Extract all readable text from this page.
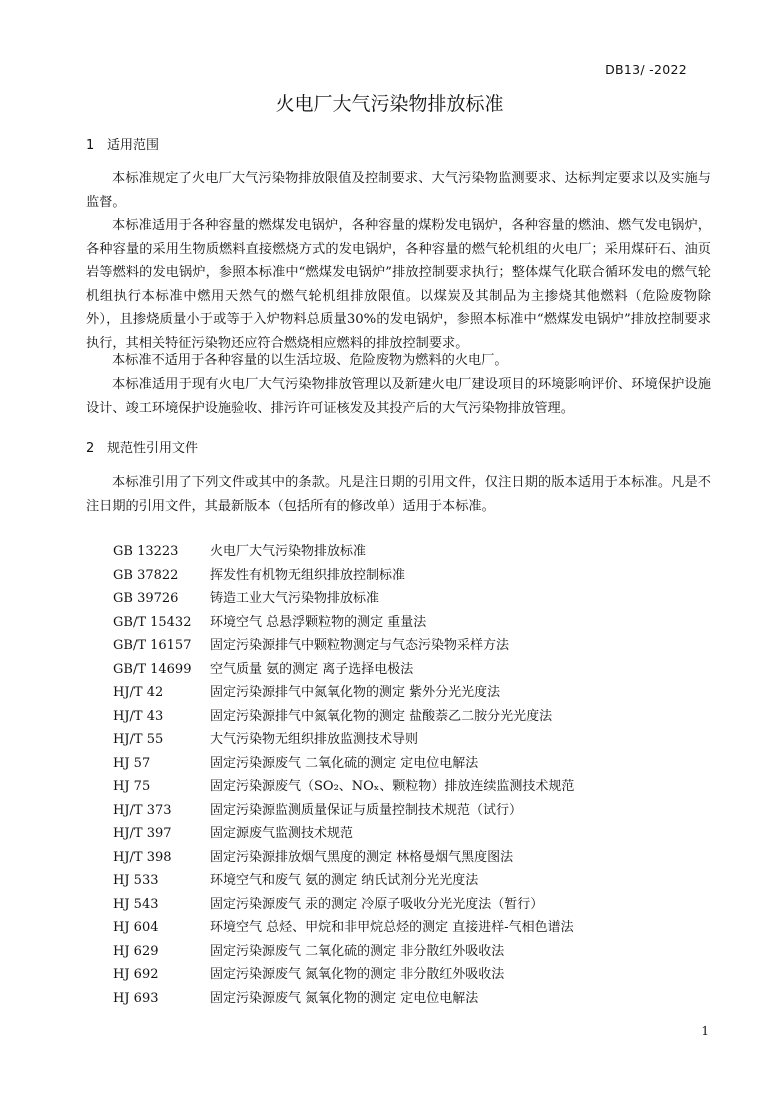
DB13/ -2022
火电厂大气污染物排放标准
1 适用范围

本标准规定了火电厂大气污染物排放限值及控制要求、大气污染物监测要求、达标判定要求以及实施与监督。

本标准适用于各种容量的燃煤发电锅炉，各种容量的煤粉发电锅炉，各种容量的燃油、燃气发电锅炉，各种容量的采用生物质燃料直接燃烧方式的发电锅炉，各种容量的燃气轮机组的火电厂；采用煤矸石、油页岩等燃料的发电锅炉，参照本标准中“燃煤发电锅炉”排放控制要求执行；整体煤气化联合循环发电的燃气轮机组执行本标准中燃用天然气的燃气轮机组排放限值。以煤炭及其制品为主掺烧其他燃料（危险废物除外），且掺烧质量小于或等于入炉物料总质量30%的发电锅炉，参照本标准中“燃煤发电锅炉”排放控制要求执行，其相关特征污染物还应符合燃烧相应燃料的排放控制要求。

本标准不适用于各种容量的以生活垃圾、危险废物为燃料的火电厂。

本标准适用于现有火电厂大气污染物排放管理以及新建火电厂建设项目的环境影响评价、环境保护设施设计、竣工环境保护设施验收、排污许可证核发及其投产后的大气污染物排放管理。

2 规范性引用文件

本标准引用了下列文件或其中的条款。凡是注日期的引用文件，仅注日期的版本适用于本标准。凡是不注日期的引用文件，其最新版本（包括所有的修改单）适用于本标准。

GB 13223	火电厂大气污染物排放标准
GB 37822	挥发性有机物无组织排放控制标准
GB 39726	铸造工业大气污染物排放标准
GB/T 15432	环境空气 总悬浮颗粒物的测定 重量法
GB/T 16157	固定污染源排气中颗粒物测定与气态污染物采样方法
GB/T 14699	空气质量 氨的测定 离子选择电极法
HJ/T 42	固定污染源排气中氮氧化物的测定 紫外分光光度法
HJ/T 43	固定污染源排气中氮氧化物的测定 盐酸萘乙二胺分光光度法
HJ/T 55	大气污染物无组织排放监测技术导则
HJ 57	固定污染源废气 二氧化硫的测定 定电位电解法
HJ 75	固定污染源废气（SO₂、NOₓ、颗粒物）排放连续监测技术规范
HJ/T 373	固定污染源监测质量保证与质量控制技术规范（试行）
HJ/T 397	固定源废气监测技术规范
HJ/T 398	固定污染源排放烟气黑度的测定 林格曼烟气黑度图法
HJ 533	环境空气和废气 氨的测定 纳氏试剂分光光度法
HJ 543	固定污染源废气 汞的测定 冷原子吸收分光光度法（暂行）
HJ 604	环境空气 总烃、甲烷和非甲烷总烃的测定 直接进样-气相色谱法
HJ 629	固定污染源废气 二氧化硫的测定 非分散红外吸收法
HJ 692	固定污染源废气 氮氧化物的测定 非分散红外吸收法
HJ 693	固定污染源废气 氮氧化物的测定 定电位电解法
1
